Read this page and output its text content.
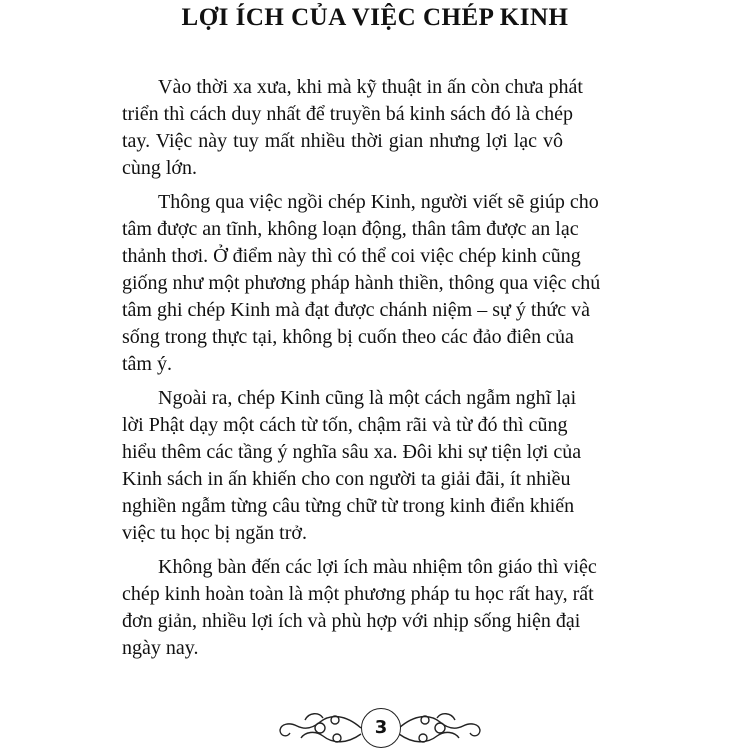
LỢI ÍCH CỦA VIỆC CHÉP KINH
Vào thời xa xưa, khi mà kỹ thuật in ấn còn chưa phát
triển thì cách duy nhất để truyền bá kinh sách đó là chép
tay. Việc này tuy mất nhiều thời gian nhưng lợi lạc vô
cùng lớn.
Thông qua việc ngồi chép Kinh, người viết sẽ giúp cho
tâm được an tĩnh, không loạn động, thân tâm được an lạc
thảnh thơi. Ở điểm này thì có thể coi việc chép kinh cũng
giống như một phương pháp hành thiền, thông qua việc chú
tâm ghi chép Kinh mà đạt được chánh niệm – sự ý thức và
sống trong thực tại, không bị cuốn theo các đảo điên của
tâm ý.
Ngoài ra, chép Kinh cũng là một cách ngẫm nghĩ lại
lời Phật dạy một cách từ tốn, chậm rãi và từ đó thì cũng
hiểu thêm các tầng ý nghĩa sâu xa. Đôi khi sự tiện lợi của
Kinh sách in ấn khiến cho con người ta giải đãi, ít nhiều
nghiền ngẫm từng câu từng chữ từ trong kinh điển khiến
việc tu học bị ngăn trở.
Không bàn đến các lợi ích màu nhiệm tôn giáo thì việc
chép kinh hoàn toàn là một phương pháp tu học rất hay, rất
đơn giản, nhiều lợi ích và phù hợp với nhịp sống hiện đại
ngày nay.
3
